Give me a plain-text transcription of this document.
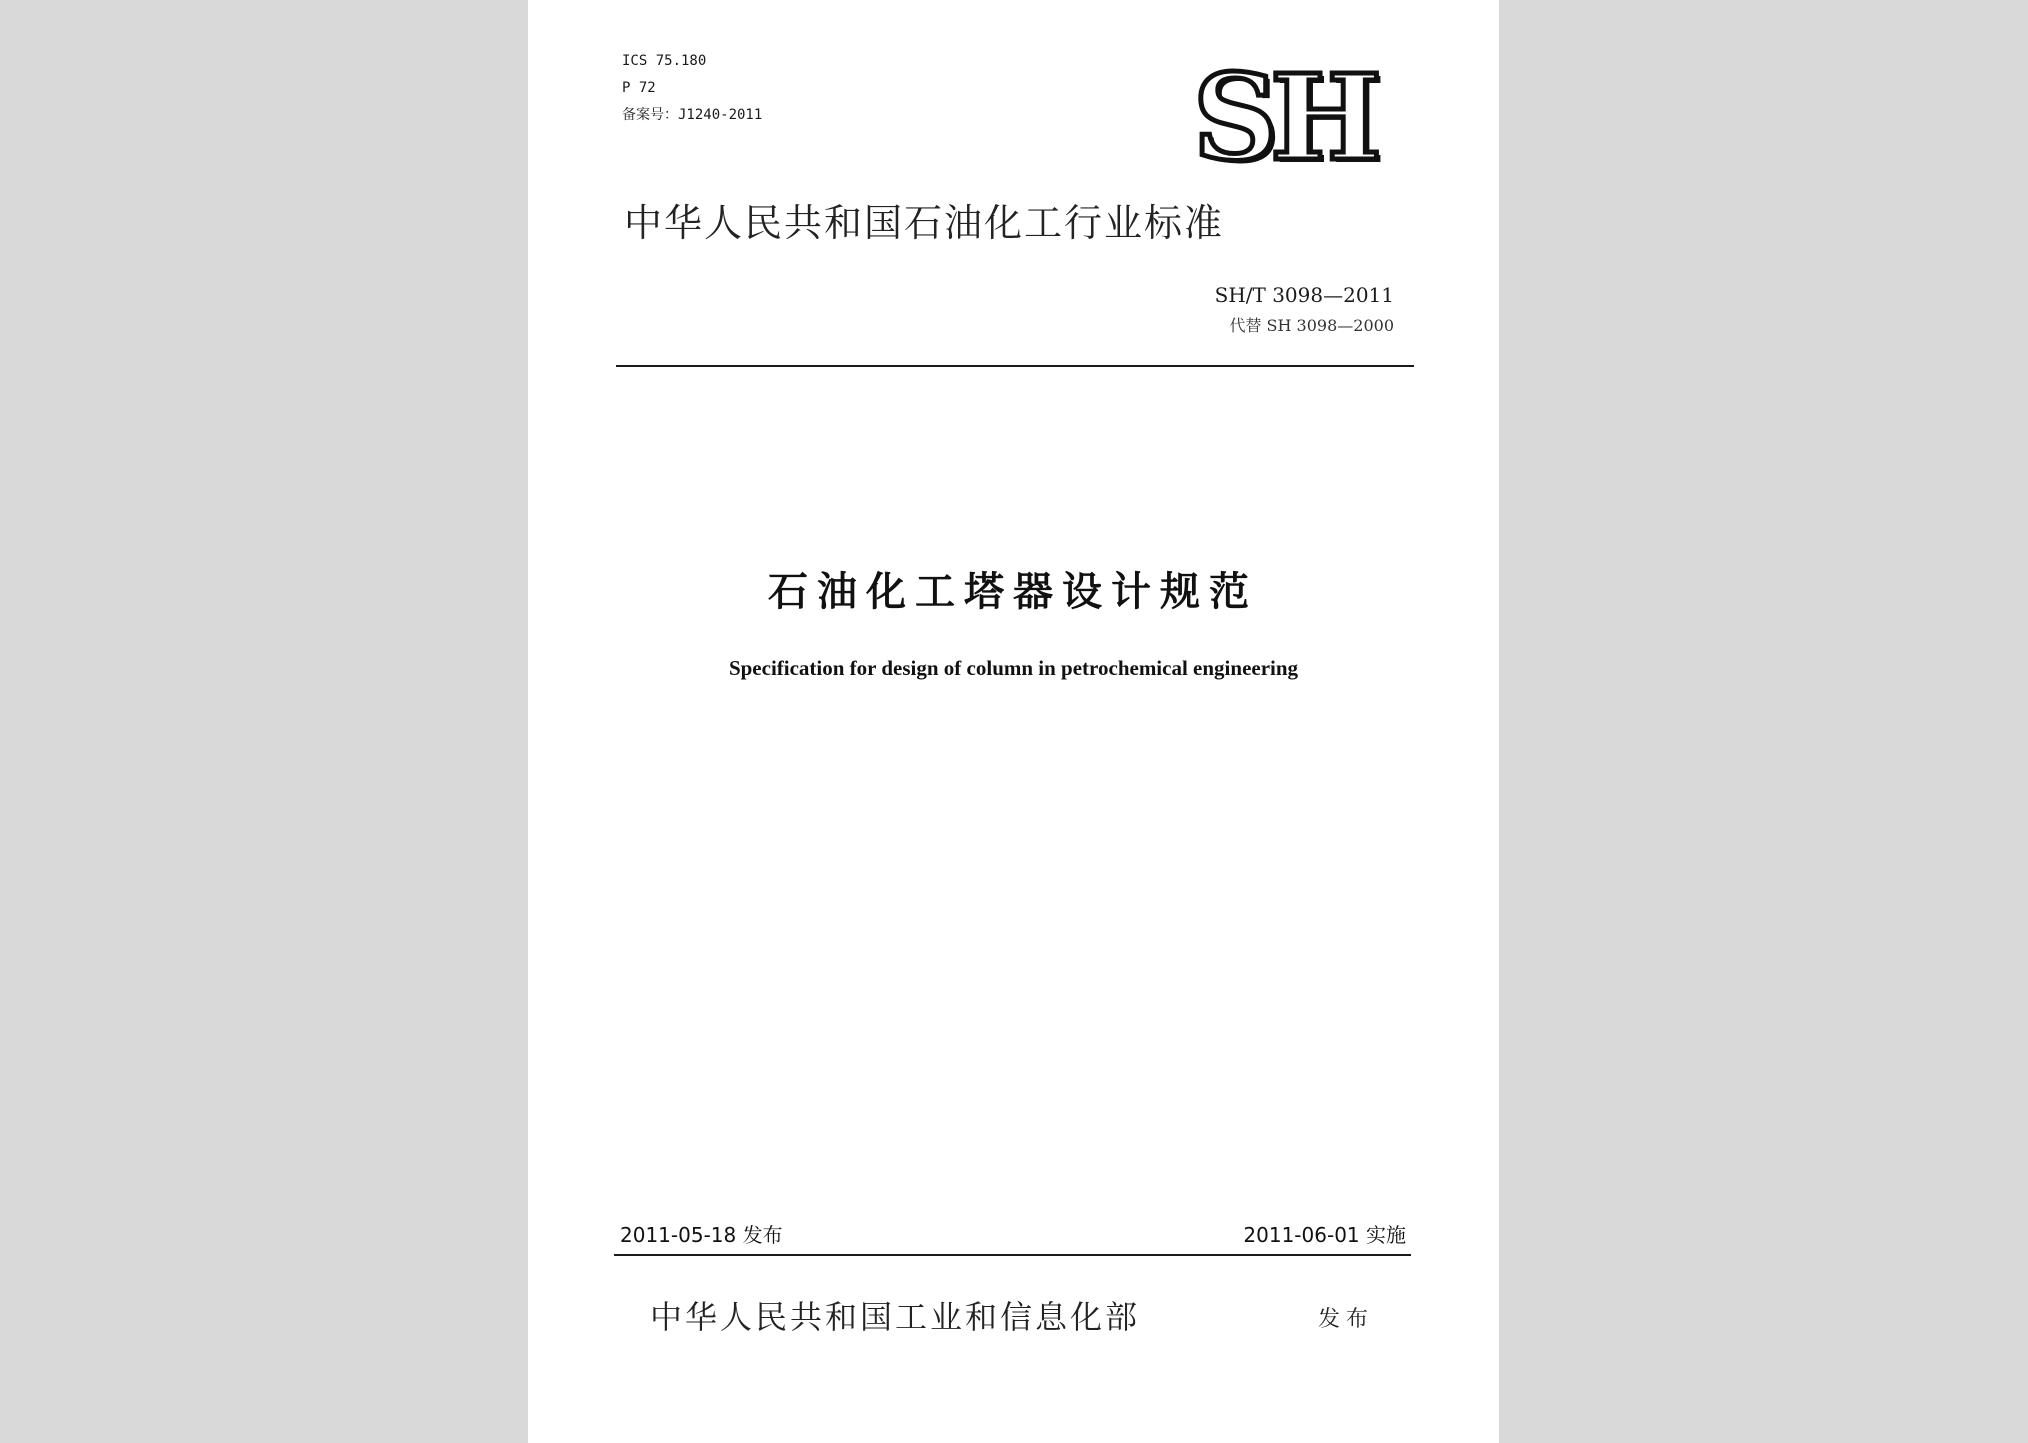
ICS 75.180
P 72
备案号：J1240-2011	SH
中华人民共和国石油化工行业标准
SH/T 3098—2011
代替 SH 3098—2000
石油化工塔器设计规范
Specification for design of column in petrochemical engineering
2011-05-18 发布	2011-06-01 实施
中华人民共和国工业和信息化部	发布
